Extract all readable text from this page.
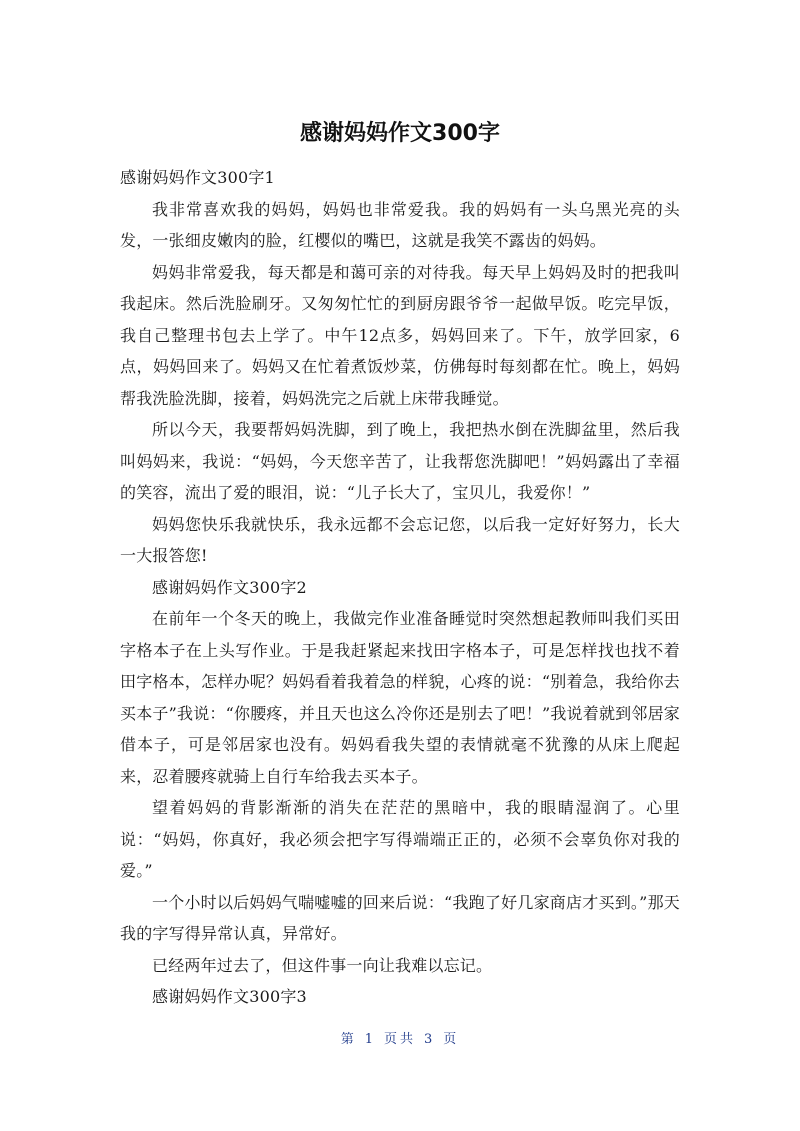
感谢妈妈作文300字

感谢妈妈作文300字1

我非常喜欢我的妈妈，妈妈也非常爱我。我的妈妈有一头乌黑光亮的头发，一张细皮嫩肉的脸，红樱似的嘴巴，这就是我笑不露齿的妈妈。

妈妈非常爱我，每天都是和蔼可亲的对待我。每天早上妈妈及时的把我叫我起床。然后洗脸刷牙。又匆匆忙忙的到厨房跟爷爷一起做早饭。吃完早饭，我自己整理书包去上学了。中午12点多，妈妈回来了。下午，放学回家，6点，妈妈回来了。妈妈又在忙着煮饭炒菜，仿佛每时每刻都在忙。晚上，妈妈帮我洗脸洗脚，接着，妈妈洗完之后就上床带我睡觉。

所以今天，我要帮妈妈洗脚，到了晚上，我把热水倒在洗脚盆里，然后我叫妈妈来，我说：“妈妈，今天您辛苦了，让我帮您洗脚吧！”妈妈露出了幸福的笑容，流出了爱的眼泪，说：“儿子长大了，宝贝儿，我爱你！”

妈妈您快乐我就快乐，我永远都不会忘记您，以后我一定好好努力，长大一大报答您!

感谢妈妈作文300字2

在前年一个冬天的晚上，我做完作业准备睡觉时突然想起教师叫我们买田字格本子在上头写作业。于是我赶紧起来找田字格本子，可是怎样找也找不着田字格本，怎样办呢？妈妈看着我着急的样貌，心疼的说：“别着急，我给你去买本子”我说：“你腰疼，并且天也这么冷你还是别去了吧！”我说着就到邻居家借本子，可是邻居家也没有。妈妈看我失望的表情就毫不犹豫的从床上爬起来，忍着腰疼就骑上自行车给我去买本子。

望着妈妈的背影渐渐的消失在茫茫的黑暗中，我的眼睛湿润了。心里说：“妈妈，你真好，我必须会把字写得端端正正的，必须不会辜负你对我的爱。”

一个小时以后妈妈气喘嘘嘘的回来后说：“我跑了好几家商店才买到。”那天我的字写得异常认真，异常好。

已经两年过去了，但这件事一向让我难以忘记。

感谢妈妈作文300字3

第 1 页共 3 页
